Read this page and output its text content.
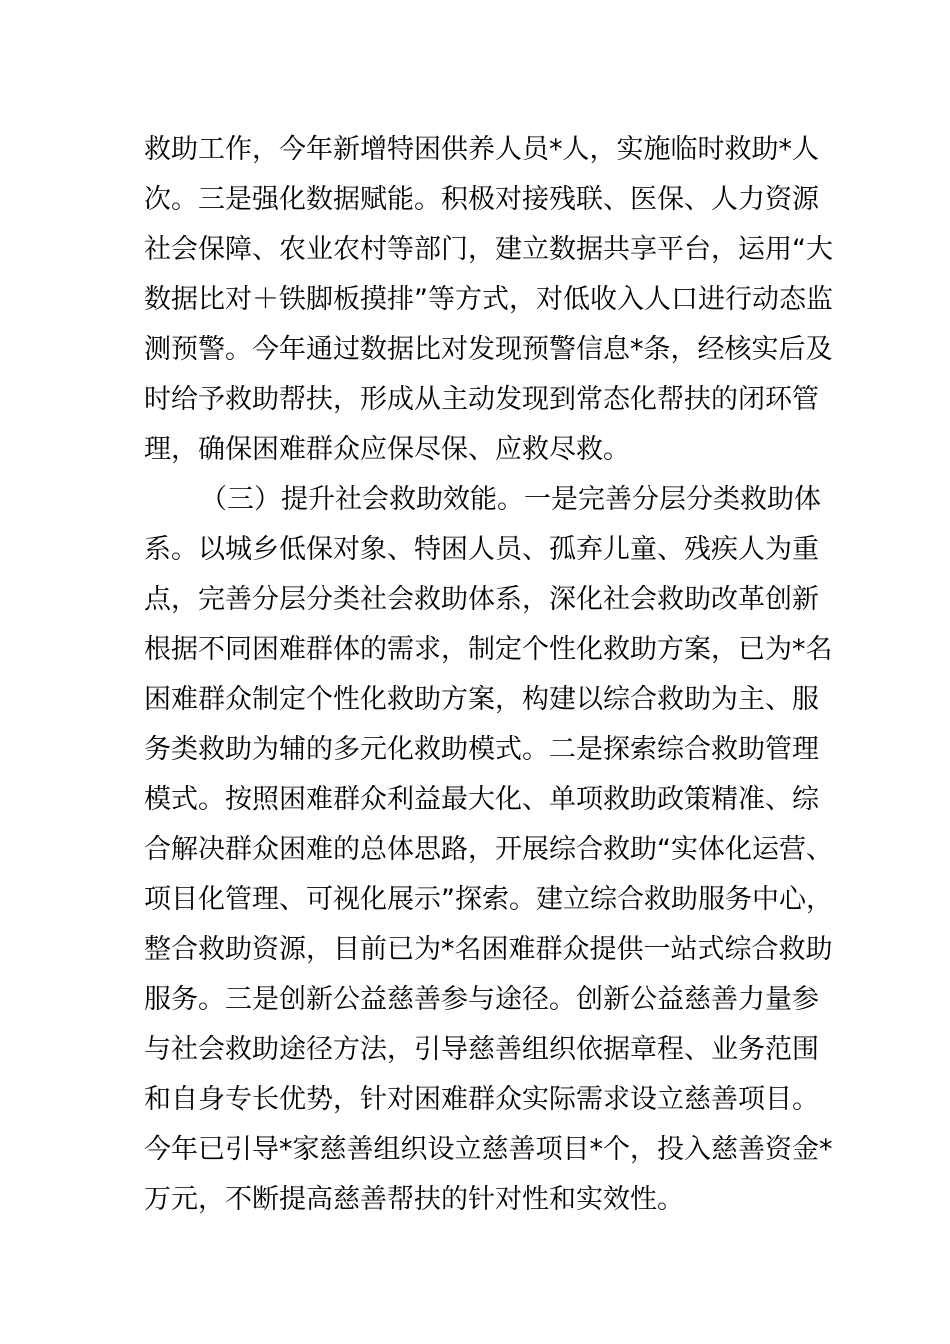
救助工作，今年新增特困供养人员*人，实施临时救助*人
次。三是强化数据赋能。积极对接残联、医保、人力资源
社会保障、农业农村等部门，建立数据共享平台，运用“大
数据比对＋铁脚板摸排”等方式，对低收入人口进行动态监
测预警。今年通过数据比对发现预警信息*条，经核实后及
时给予救助帮扶，形成从主动发现到常态化帮扶的闭环管
理，确保困难群众应保尽保、应救尽救。
（三）提升社会救助效能。一是完善分层分类救助体
系。以城乡低保对象、特困人员、孤弃儿童、残疾人为重
点，完善分层分类社会救助体系，深化社会救助改革创新
根据不同困难群体的需求，制定个性化救助方案，已为*名
困难群众制定个性化救助方案，构建以综合救助为主、服
务类救助为辅的多元化救助模式。二是探索综合救助管理
模式。按照困难群众利益最大化、单项救助政策精准、综
合解决群众困难的总体思路，开展综合救助“实体化运营、
项目化管理、可视化展示”探索。建立综合救助服务中心，
整合救助资源，目前已为*名困难群众提供一站式综合救助
服务。三是创新公益慈善参与途径。创新公益慈善力量参
与社会救助途径方法，引导慈善组织依据章程、业务范围
和自身专长优势，针对困难群众实际需求设立慈善项目。
今年已引导*家慈善组织设立慈善项目*个，投入慈善资金*
万元，不断提高慈善帮扶的针对性和实效性。
